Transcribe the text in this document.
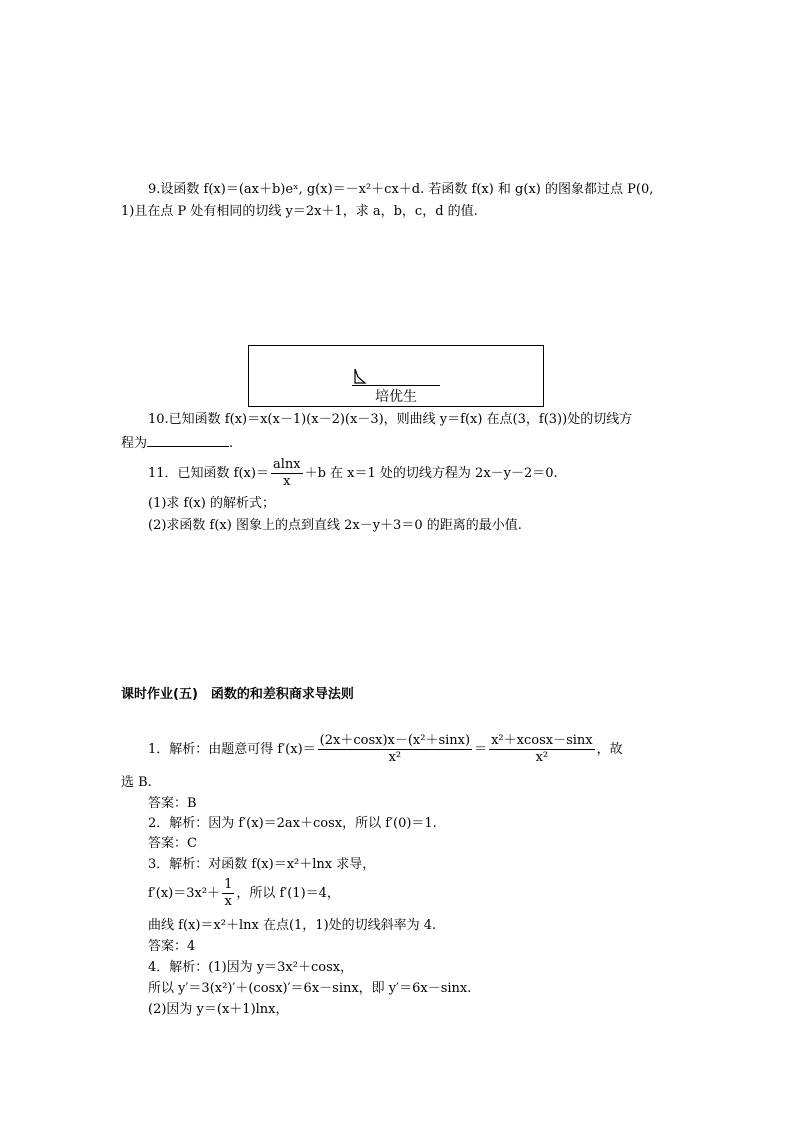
9.设函数 f(x)＝(ax＋b)eˣ, g(x)＝－x²＋cx＋d. 若函数 f(x) 和 g(x) 的图象都过点 P(0,
1)且在点 P 处有相同的切线 y＝2x＋1，求 a，b，c，d 的值.
培优生
10.已知函数 f(x)＝x(x－1)(x－2)(x－3)，则曲线 y＝f(x) 在点(3，f(3))处的切线方
程为	.
11．已知函数 $f(x)= \frac{alnx}{x} +b$ 在 x＝1 处的切线方程为 2x－y－2＝0.
(1)求 f(x) 的解析式；
(2)求函数 f(x) 图象上的点到直线 2x－y＋3＝0 的距离的最小值.
课时作业(五)　函数的和差积商求导法则
1．解析：由题意可得 $f'(x)= \frac{\text{(2x＋cosx)x－(x²＋sinx)}}{\text{x²}} = \frac{\text{x²＋xcosx－sinx}}{\text{x²}}$ ，故
选 B.
答案：B
2．解析：因为 f′(x)＝2ax＋cosx，所以 f′(0)＝1.
答案：C
3．解析：对函数 f(x)＝x²＋lnx 求导，
$f'(x)=3x^2+ \frac{1}{x}$ ，所以 f′(1)＝4，
曲线 f(x)＝x²＋lnx 在点(1，1)处的切线斜率为 4.
答案：4
4．解析：(1)因为 y＝3x²＋cosx，
所以 y′＝3(x²)′＋(cosx)′＝6x－sinx，即 y′＝6x－sinx.
(2)因为 y＝(x＋1)lnx，
